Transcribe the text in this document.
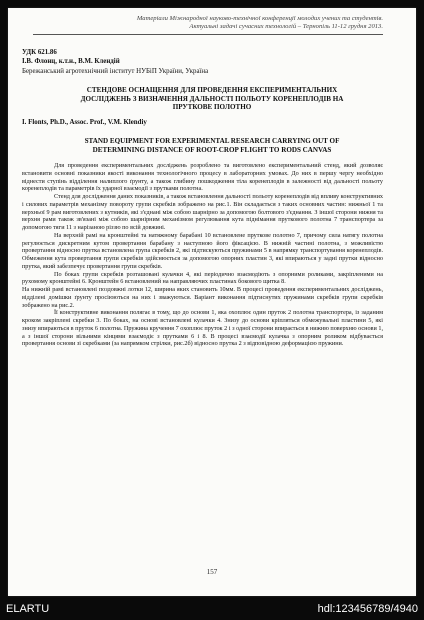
Матеріали Міжнародної науково-технічної конференції молодих учених та студентів.
Актуальні задачі сучасних технологій – Тернопіль 11-12 грудня 2013.
УДК 621.86
І.В. Флонц, к.т.н., В.М. Клендій
Бережанський агротехнічний інститут НУБіП України, Україна
СТЕНДОВЕ ОСНАЩЕННЯ ДЛЯ ПРОВЕДЕННЯ ЕКСПЕРИМЕНТАЛЬНИХ
ДОСЛІДЖЕНЬ З ВИЗНАЧЕННЯ ДАЛЬНОСТІ ПОЛЬОТУ КОРЕНЕПЛОДІВ НА
ПРУТКОВЕ ПОЛОТНО
I. Flonts, Ph.D., Assoc. Prof., V.M. Klendiy
STAND EQUIPMENT FOR EXPERIMENTAL RESEARCH CARRYING OUT OF
DETERMINING DISTANCE OF ROOT-CROP FLIGHT TO RODS CANVAS

Для проведення експериментальних досліджень розроблено та виготовлено експериментальний стенд, який дозволяє встановити основні показники якості виконання технологічного процесу в лабораторних умовах. До них в першу чергу необхідно віднести ступінь відділення налиплого ґрунту, а також глибину пошкодження тіла коренеплодів в залежності від дальності польоту коренеплодів та параметрів їх ударної взаємодії з прутками полотна.

Стенд для дослідження даних показників, а також встановлення дальності польоту коренеплодів від впливу конструктивних і силових параметрів механізму повороту групи скребків зображено на рис.1. Він складається з таких основних частин: нижньої 1 та верхньої 9 рам виготовлених з кутників, які з'єднані між собою шарнірно за допомогою болтового з'єднання. З іншої сторони нижня та верхня рами також зв'язані між собою шарнірним механізмом регулювання кута піднімання пруткового полотна 7 транспортера за допомогою тяги 11 з нарізаною різзю по всій довжині.

На верхній рамі на кронштейні та натяжному барабані 10 встановлене пруткове полотно 7, причому сила натягу полотна регулюється дискретним кутом провертання барабану з наступною його фіксацією. В нижній частині полотна, з можливістю провертання відносно прутка встановлена група скребків 2, які підтискуються пружинами 5 в напрямку транспортування коренеплодів. Обмеження кута провертання групи скребків здійснюється за допомогою опорних пластин 3, які впираються у задні прутки відносно прутка, який забезпечує провертання групи скребків.

По боках групи скребків розташовані кулачки 4, які періодично взаємодіють з опорними роликами, закріпленими на рухомому кронштейні 6. Кронштейн 6 встановлений на направляючих пластинах бокового щитка 8.

На нижній рамі встановлені поздовжні лотки 12, ширина яких становить 10мм. В процесі проведення експериментальних досліджень, відділені домішки ґрунту просіюються на них і зважуються. Варіант виконання підтиснутих пружинами скребків групи скребків зображено на рис.2.

Її конструктивне виконання полягає в тому, що до основи 1, яка охоплює один пруток 2 полотна транспортера, із заданим кроком закріплені скребки 3. По боках, на основі встановлені кулачки 4. Знизу до основи кріпляться обмежувальні пластини 5, які знизу впираються в пруток 6 полотна. Пружина кручення 7 охоплює пруток 2 і з одної сторони впирається в нижню поверхню основи 1, а з іншої сторони вільними кінцями взаємодіє з прутками 6 і 8. В процесі взаємодії кулачка з опорним роликом відбувається провертання основи зі скребками (за напрямком стрілки, рис.2б) відносно прутка 2 з відповідною деформацією пружини.

157
ELARTU	hdl:123456789/4940
